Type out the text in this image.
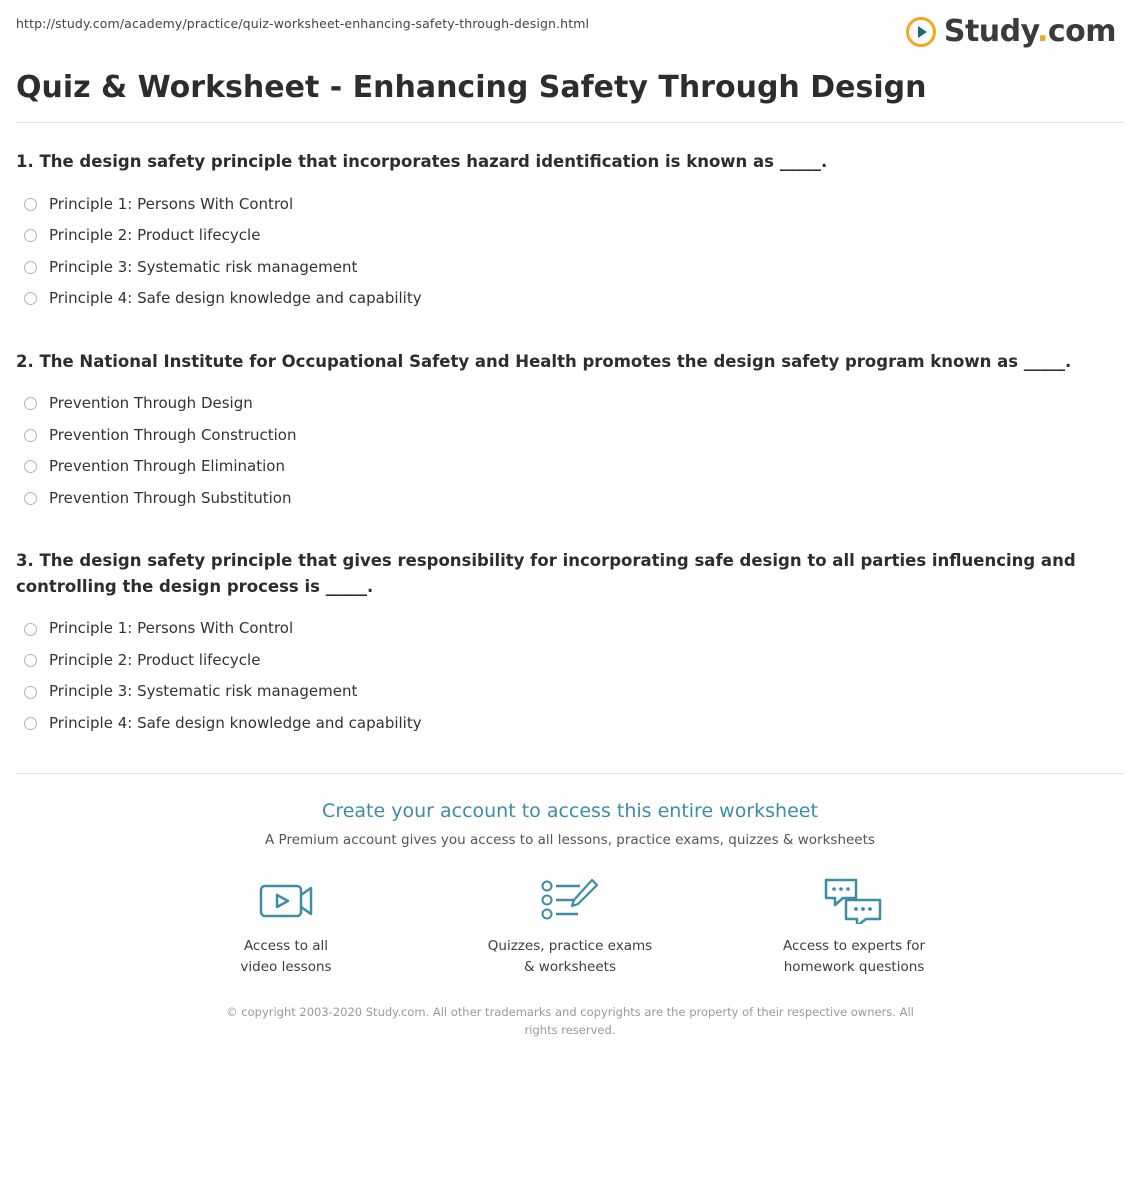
http://study.com/academy/practice/quiz-worksheet-enhancing-safety-through-design.html	Study.com
Quiz & Worksheet - Enhancing Safety Through Design

1. The design safety principle that incorporates hazard identification is known as _____.

Principle 1: Persons With Control
Principle 2: Product lifecycle
Principle 3: Systematic risk management
Principle 4: Safe design knowledge and capability

2. The National Institute for Occupational Safety and Health promotes the design safety program known as _____.

Prevention Through Design
Prevention Through Construction
Prevention Through Elimination
Prevention Through Substitution

3. The design safety principle that gives responsibility for incorporating safe design to all parties influencing and controlling the design process is _____.

Principle 1: Persons With Control
Principle 2: Product lifecycle
Principle 3: Systematic risk management
Principle 4: Safe design knowledge and capability
Create your account to access this entire worksheet
A Premium account gives you access to all lessons, practice exams, quizzes & worksheets
Access to all
video lessons
Quizzes, practice exams
& worksheets
Access to experts for
homework questions
© copyright 2003-2020 Study.com. All other trademarks and copyrights are the property of their respective owners. All rights reserved.
